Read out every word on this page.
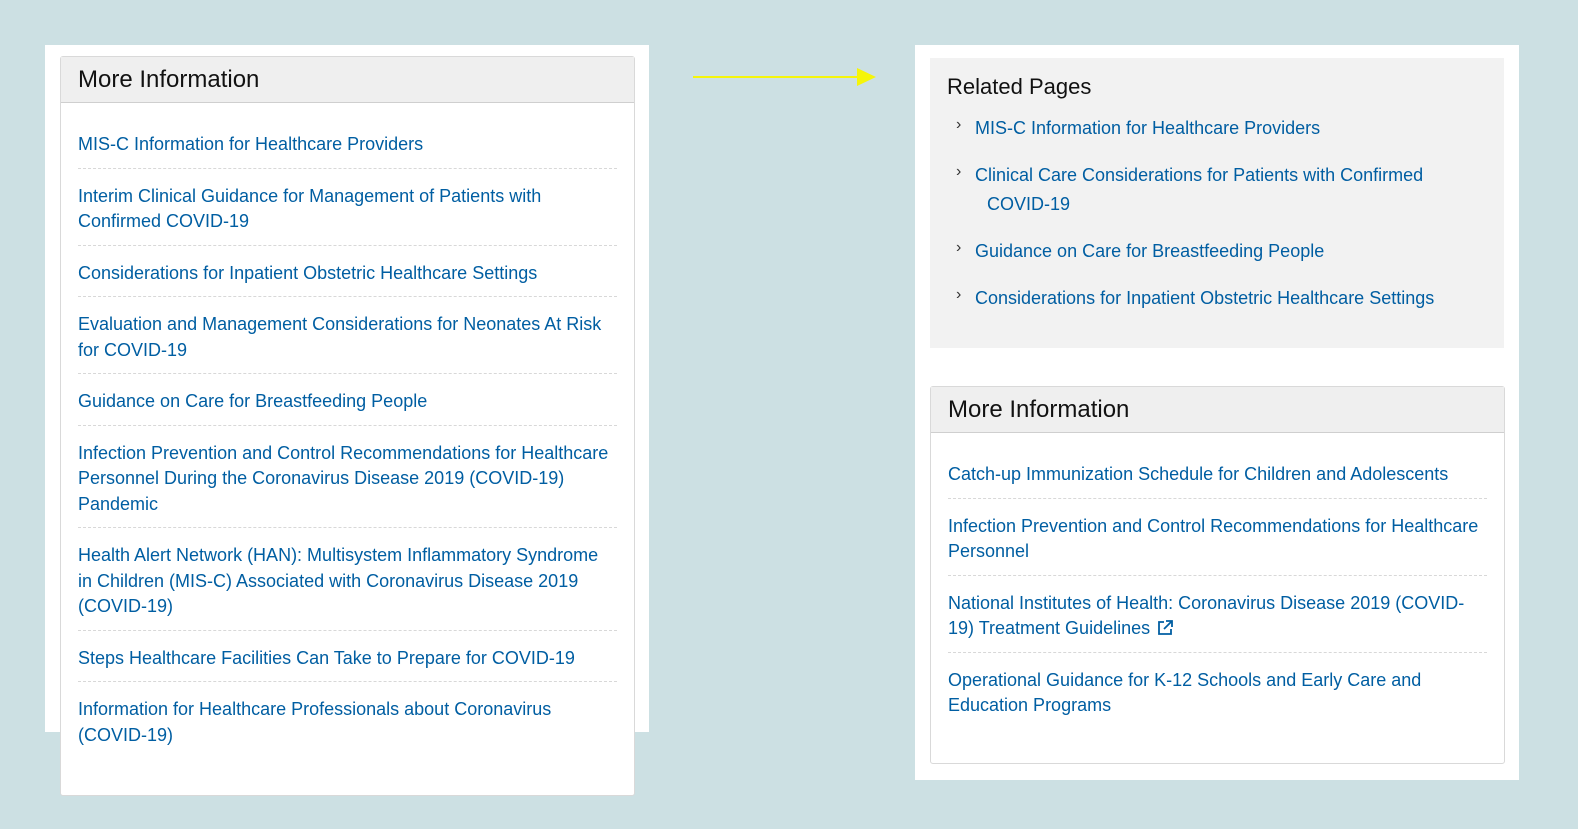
More Information
MIS-C Information for Healthcare Providers
Interim Clinical Guidance for Management of Patients with Confirmed COVID-19
Considerations for Inpatient Obstetric Healthcare Settings
Evaluation and Management Considerations for Neonates At Risk for COVID-19
Guidance on Care for Breastfeeding People
Infection Prevention and Control Recommendations for Healthcare Personnel During the Coronavirus Disease 2019 (COVID-19) Pandemic
Health Alert Network (HAN): Multisystem Inflammatory Syndrome in Children (MIS-C) Associated with Coronavirus Disease 2019 (COVID-19)
Steps Healthcare Facilities Can Take to Prepare for COVID-19
Information for Healthcare Professionals about Coronavirus (COVID-19)
Related Pages
› MIS-C Information for Healthcare Providers
› Clinical Care Considerations for Patients with Confirmed
COVID-19
› Guidance on Care for Breastfeeding People
› Considerations for Inpatient Obstetric Healthcare Settings
More Information
Catch-up Immunization Schedule for Children and Adolescents
Infection Prevention and Control Recommendations for Healthcare Personnel
National Institutes of Health: Coronavirus Disease 2019 (COVID-19) Treatment Guidelines
Operational Guidance for K-12 Schools and Early Care and Education Programs
